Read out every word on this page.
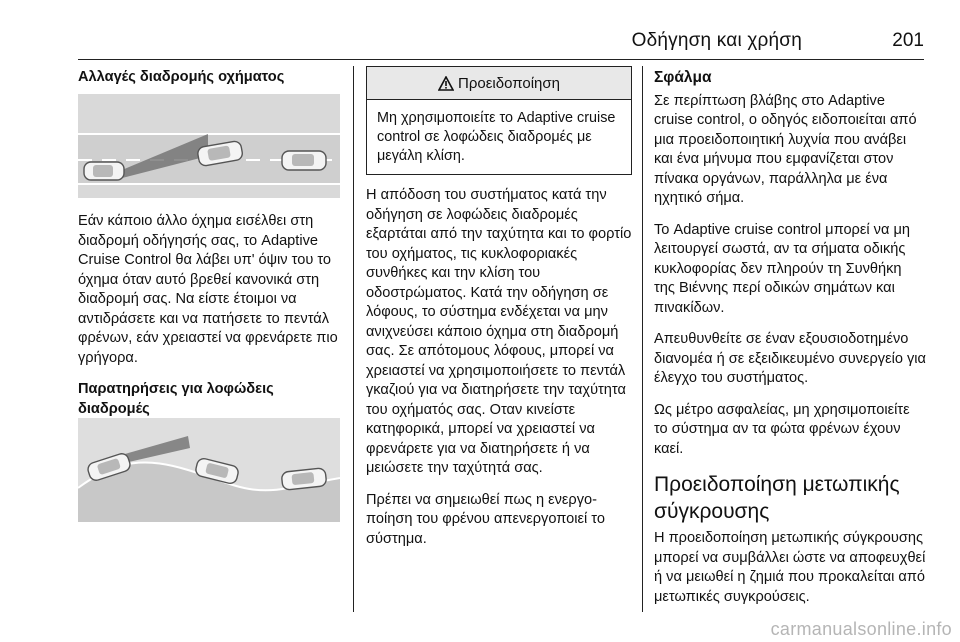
Οδήγηση και χρήση	201
Αλλαγές διαδρομής οχήματος

Εάν κάποιο άλλο όχημα εισέλθει στη διαδρομή οδήγησής σας, το Adaptive Cruise Control θα λάβει υπ' όψιν του το όχημα όταν αυτό βρεθεί κανονικά στη διαδρομή σας. Να είστε έτοιμοι να αντιδράσετε και να πατήσετε το πεντάλ φρένων, εάν χρειαστεί να φρενάρετε πιο γρήγορα.

Παρατηρήσεις για λοφώδεις διαδρομές
Προειδοποίηση
Μη χρησιμοποιείτε το Adaptive cruise control σε λοφώδεις διαδρομές με μεγάλη κλίση.

Η απόδοση του συστήματος κατά την οδήγηση σε λοφώδεις διαδρομές εξαρτάται από την ταχύτητα και το φορτίο του οχήματος, τις κυκλοφοριακές συνθήκες και την κλίση του οδοστρώματος. Κατά την οδήγηση σε λόφους, το σύστημα ενδέχεται να μην ανιχνεύσει κάποιο όχημα στη διαδρομή σας. Σε απότομους λόφους, μπορεί να χρειαστεί να χρησιμοποιήσετε το πεντάλ γκαζιού για να διατηρήσετε την ταχύτητα του οχήματός σας. Οταν κινείστε κατηφορικά, μπορεί να χρειαστεί να φρενάρετε για να διατηρήσετε ή να μειώσετε την ταχύτητά σας.

Πρέπει να σημειωθεί πως η ενεργοποίηση του φρένου απενεργοποιεί το σύστημα.

Σφάλμα

Σε περίπτωση βλάβης στο Adaptive cruise control, ο οδηγός ειδοποιείται από μια προειδοποιητική λυχνία που ανάβει και ένα μήνυμα που εμφανίζεται στον πίνακα οργάνων, παράλληλα με ένα ηχητικό σήμα.

Το Adaptive cruise control μπορεί να μη λειτουργεί σωστά, αν τα σήματα οδικής κυκλοφορίας δεν πληρούν τη Συνθήκη της Βιέννης περί οδικών σημάτων και πινακίδων.

Απευθυνθείτε σε έναν εξουσιοδοτημένο διανομέα ή σε εξειδικευμένο συνεργείο για έλεγχο του συστήματος.

Ως μέτρο ασφαλείας, μη χρησιμοποιείτε το σύστημα αν τα φώτα φρένων έχουν καεί.

Προειδοποίηση μετωπικής σύγκρουσης

Η προειδοποίηση μετωπικής σύγκρουσης μπορεί να συμβάλλει ώστε να αποφευχθεί ή να μειωθεί η ζημιά που προκαλείται από μετωπικές συγκρούσεις.

carmanualsonline.info
